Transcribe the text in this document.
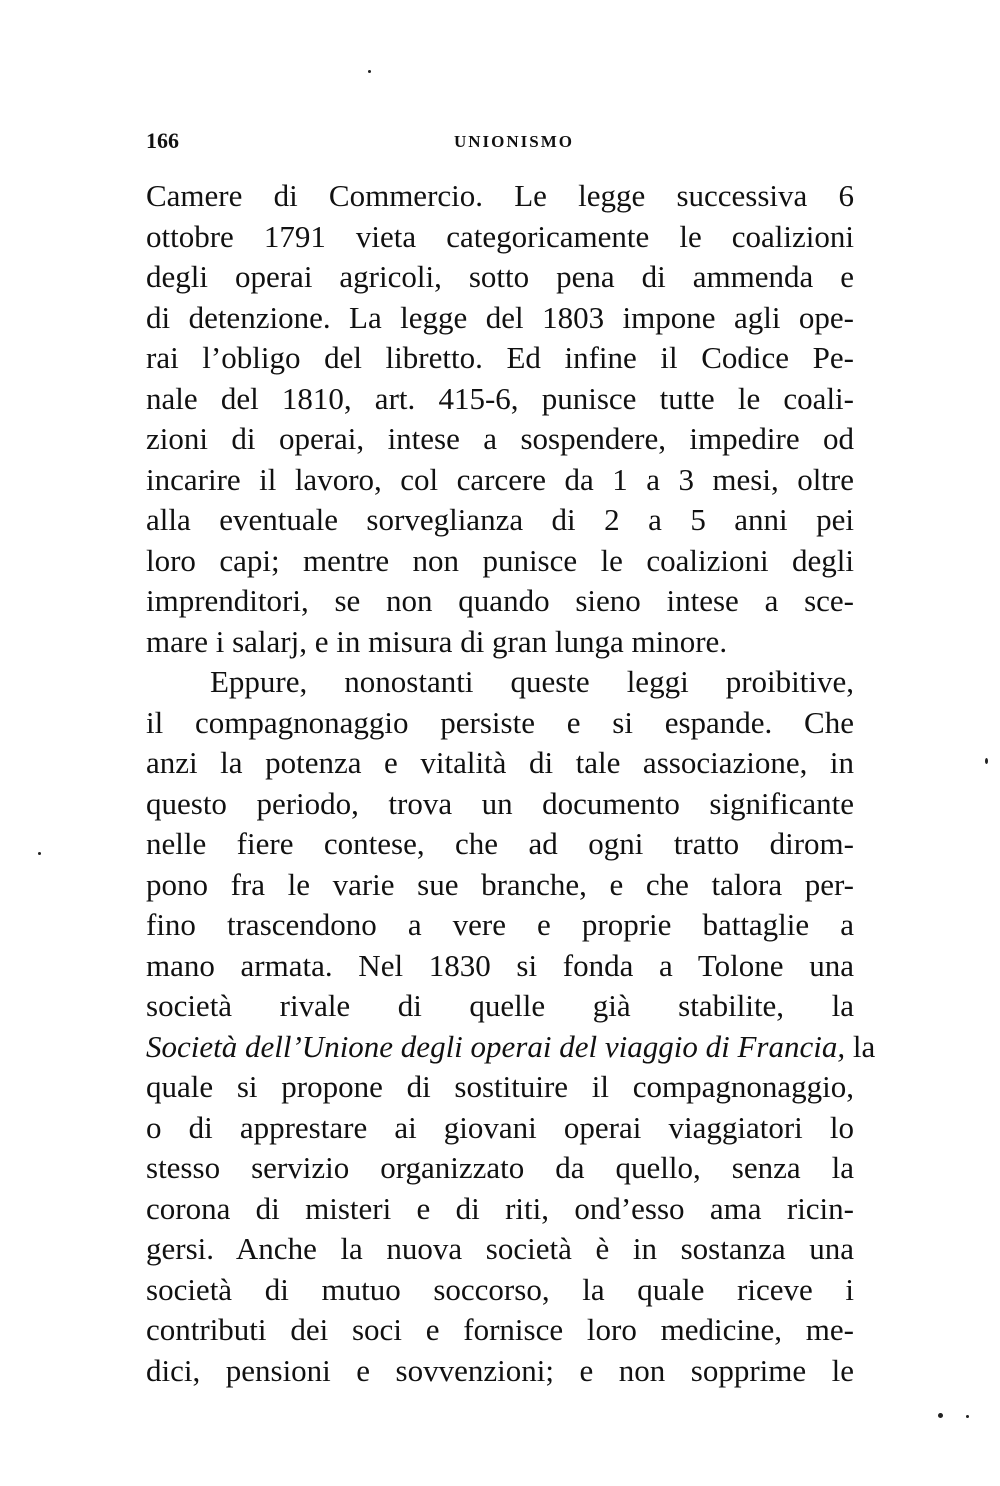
166	UNIONISMO
Camere di Commercio. Le legge successiva 6
ottobre 1791 vieta categoricamente le coalizioni
degli operai agricoli, sotto pena di ammenda e
di detenzione. La legge del 1803 impone agli ope-
rai l’obligo del libretto. Ed infine il Codice Pe-
nale del 1810, art. 415-6, punisce tutte le coali-
zioni di operai, intese a sospendere, impedire od
incarire il lavoro, col carcere da 1 a 3 mesi, oltre
alla eventuale sorveglianza di 2 a 5 anni pei
loro capi; mentre non punisce le coalizioni degli
imprenditori, se non quando sieno intese a sce-
mare i salarj, e in misura di gran lunga minore.
Eppure, nonostanti queste leggi proibitive,
il compagnonaggio persiste e si espande. Che
anzi la potenza e vitalità di tale associazione, in
questo periodo, trova un documento significante
nelle fiere contese, che ad ogni tratto dirom-
pono fra le varie sue branche, e che talora per-
fino trascendono a vere e proprie battaglie a
mano armata. Nel 1830 si fonda a Tolone una
società rivale di quelle già stabilite, la
Società dell’Unione degli operai del viaggio di Francia, la
quale si propone di sostituire il compagnonaggio,
o di apprestare ai giovani operai viaggiatori lo
stesso servizio organizzato da quello, senza la
corona di misteri e di riti, ond’esso ama ricin-
gersi. Anche la nuova società è in sostanza una
società di mutuo soccorso, la quale riceve i
contributi dei soci e fornisce loro medicine, me-
dici, pensioni e sovvenzioni; e non sopprime le
